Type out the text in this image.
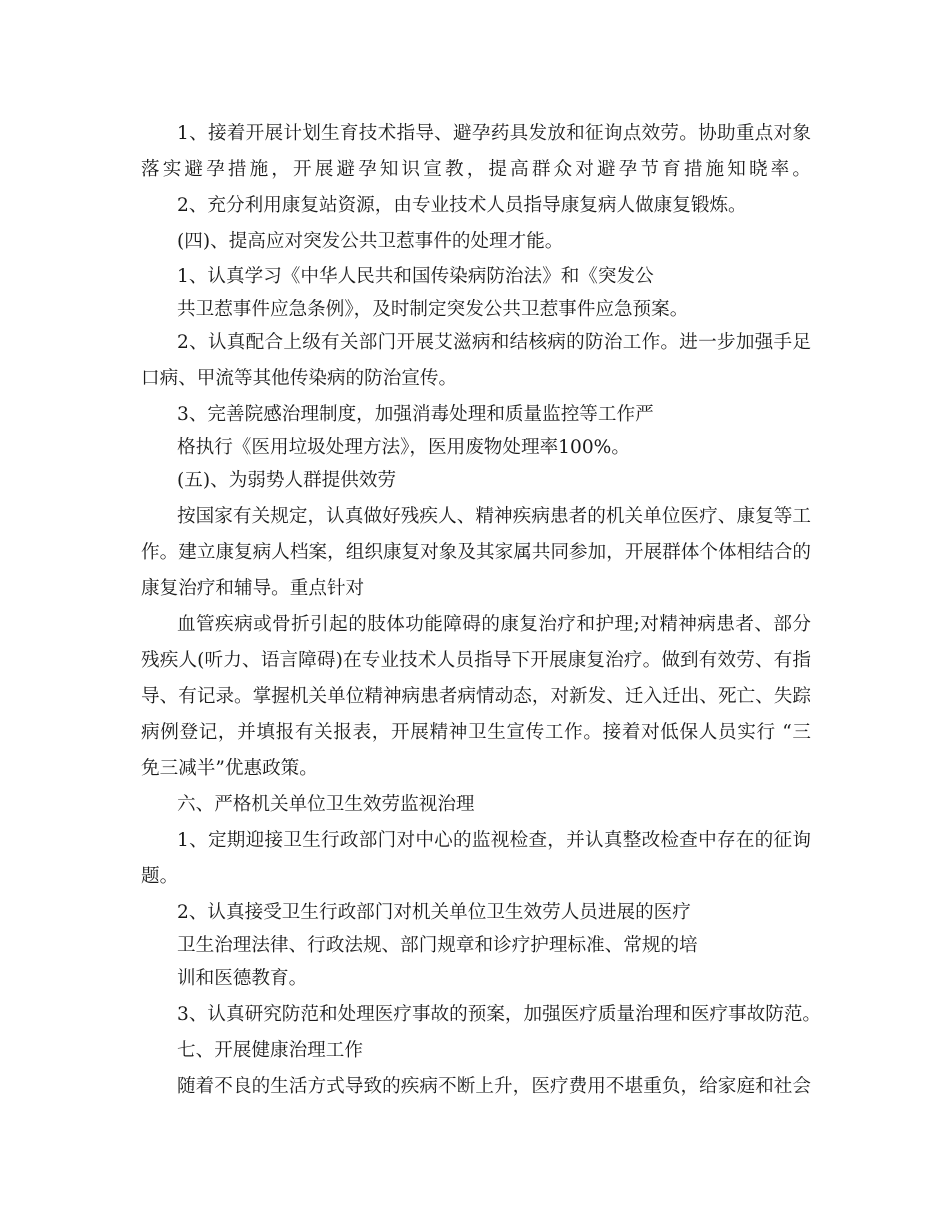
1、接着开展计划生育技术指导、避孕药具发放和征询点效劳。协助重点对象
落实避孕措施，开展避孕知识宣教，提高群众对避孕节育措施知晓率。
2、充分利用康复站资源，由专业技术人员指导康复病人做康复锻炼。
(四)、提高应对突发公共卫惹事件的处理才能。
1、认真学习《中华人民共和国传染病防治法》和《突发公
共卫惹事件应急条例》，及时制定突发公共卫惹事件应急预案。
2、认真配合上级有关部门开展艾滋病和结核病的防治工作。进一步加强手足
口病、甲流等其他传染病的防治宣传。
3、完善院感治理制度，加强消毒处理和质量监控等工作严
格执行《医用垃圾处理方法》，医用废物处理率100%。
(五)、为弱势人群提供效劳
按国家有关规定，认真做好残疾人、精神疾病患者的机关单位医疗、康复等工
作。建立康复病人档案，组织康复对象及其家属共同参加，开展群体个体相结合的
康复治疗和辅导。重点针对
血管疾病或骨折引起的肢体功能障碍的康复治疗和护理;对精神病患者、部分
残疾人(听力、语言障碍)在专业技术人员指导下开展康复治疗。做到有效劳、有指
导、有记录。掌握机关单位精神病患者病情动态，对新发、迁入迁出、死亡、失踪
病例登记，并填报有关报表，开展精神卫生宣传工作。接着对低保人员实行 “三
免三减半”优惠政策。
六、严格机关单位卫生效劳监视治理
1、定期迎接卫生行政部门对中心的监视检查，并认真整改检查中存在的征询
题。
2、认真接受卫生行政部门对机关单位卫生效劳人员进展的医疗
卫生治理法律、行政法规、部门规章和诊疗护理标准、常规的培
训和医德教育。
3、认真研究防范和处理医疗事故的预案，加强医疗质量治理和医疗事故防范。
七、开展健康治理工作
随着不良的生活方式导致的疾病不断上升，医疗费用不堪重负，给家庭和社会
